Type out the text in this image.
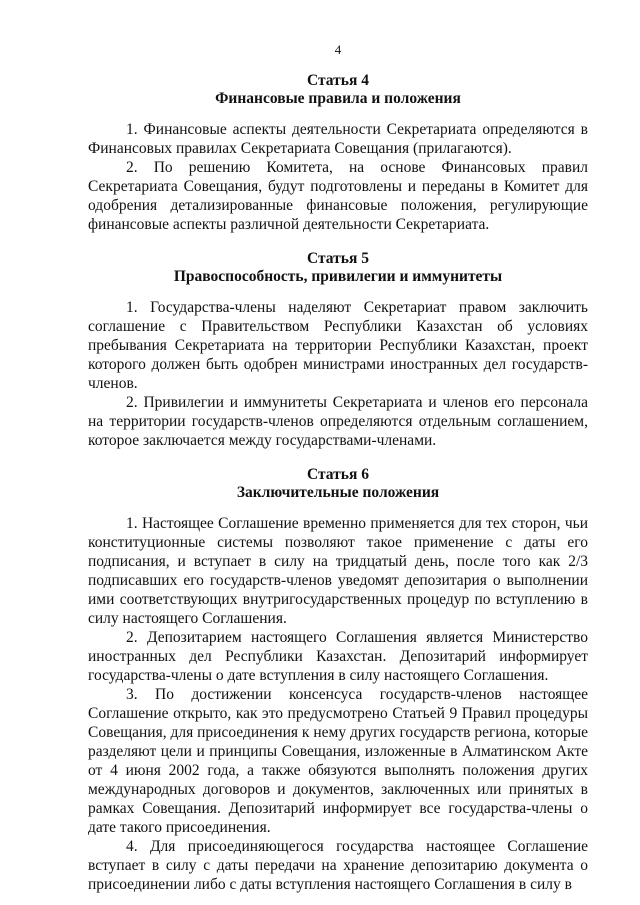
4
Статья 4
Финансовые правила и положения

1. Финансовые аспекты деятельности Секретариата определяются в Финансовых правилах Секретариата Совещания (прилагаются).

2. По решению Комитета, на основе Финансовых правил Секретариата Совещания, будут подготовлены и переданы в Комитет для одобрения детализированные финансовые положения, регулирующие финансовые аспекты различной деятельности Секретариата.

Статья 5
Правоспособность, привилегии и иммунитеты

1. Государства-члены наделяют Секретариат правом заключить соглашение с Правительством Республики Казахстан об условиях пребывания Секретариата на территории Республики Казахстан, проект которого должен быть одобрен министрами иностранных дел государств-членов.

2. Привилегии и иммунитеты Секретариата и членов его персонала на территории государств-членов определяются отдельным соглашением, которое заключается между государствами-членами.

Статья 6
Заключительные положения

1. Настоящее Соглашение временно применяется для тех сторон, чьи конституционные системы позволяют такое применение с даты его подписания, и вступает в силу на тридцатый день, после того как 2/3 подписавших его государств-членов уведомят депозитария о выполнении ими соответствующих внутригосударственных процедур по вступлению в силу настоящего Соглашения.

2. Депозитарием настоящего Соглашения является Министерство иностранных дел Республики Казахстан. Депозитарий информирует государства-члены о дате вступления в силу настоящего Соглашения.

3. По достижении консенсуса государств-членов настоящее Соглашение открыто, как это предусмотрено Статьей 9 Правил процедуры Совещания, для присоединения к нему других государств региона, которые разделяют цели и принципы Совещания, изложенные в Алматинском Акте от 4 июня 2002 года, а также обязуются выполнять положения других международных договоров и документов, заключенных или принятых в рамках Совещания. Депозитарий информирует все государства-члены о дате такого присоединения.

4. Для присоединяющегося государства настоящее Соглашение вступает в силу с даты передачи на хранение депозитарию документа о присоединении либо с даты вступления настоящего Соглашения в силу в
